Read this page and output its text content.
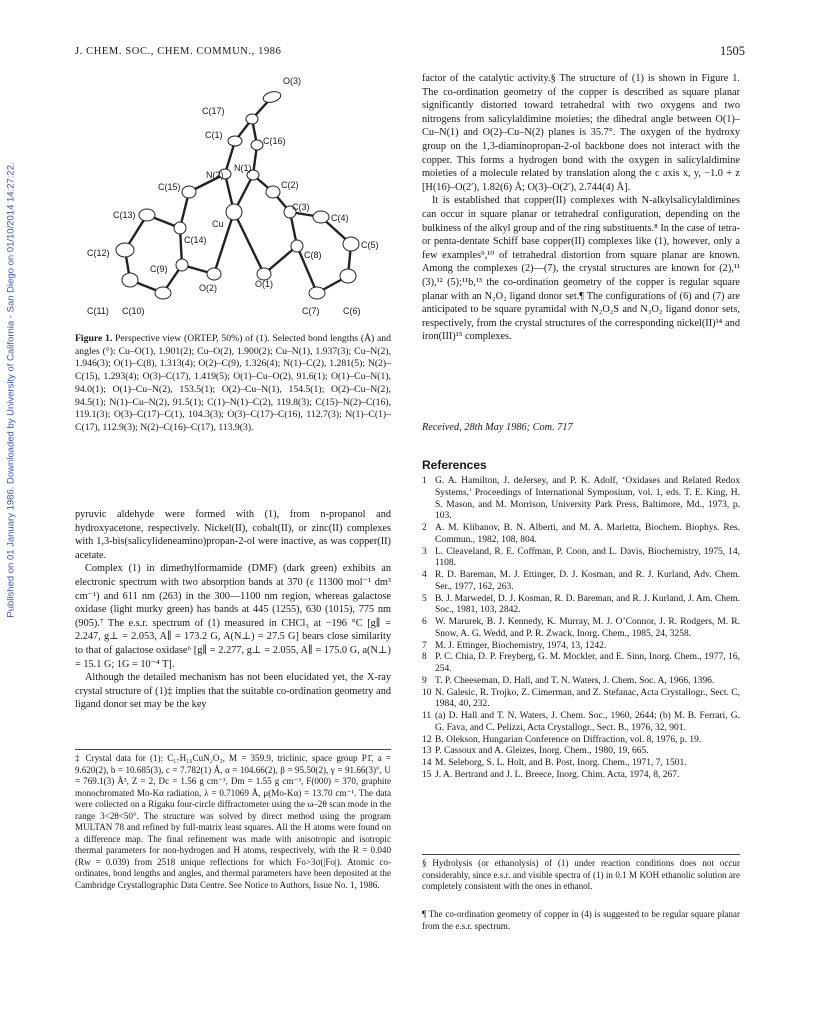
Published on 01 January 1986. Downloaded by University of California - San Diego on 01/10/2014 14:27:22.
J. CHEM. SOC., CHEM. COMMUN., 1986	1505
O(3)
C(17)
C(1)
C(16)
N(2)
N(1)
C(15)	C(2)
C(3)
C(4)
C(13)
Cu
C(14)
C(12)	C(8)
C(5)
C(9)
O(2)	O(1)
C(11) C(10)	C(7)	C(6)

Figure 1. Perspective view (ORTEP, 50%) of (1). Selected bond lengths (Å) and angles (°): Cu–O(1), 1.901(2); Cu–O(2), 1.900(2); Cu–N(1), 1.937(3); Cu–N(2), 1.946(3); O(1)–C(8), 1.313(4); O(2)–C(9), 1.326(4); N(1)–C(2), 1.281(5); N(2)–C(15), 1.293(4); O(3)–C(17), 1.419(5); O(1)–Cu–O(2), 91.6(1); O(1)–Cu–N(1), 94.0(1); O(1)–Cu–N(2), 153.5(1); O(2)–Cu–N(1), 154.5(1); O(2)–Cu–N(2), 94.5(1); N(1)–Cu–N(2), 91.5(1); C(1)–N(1)–C(2), 119.8(3); C(15)–N(2)–C(16), 119.1(3); O(3)–C(17)–C(1), 104.3(3); O(3)–C(17)–C(16), 112.7(3); N(1)–C(1)–C(17), 112.9(3); N(2)–C(16)–C(17), 113.9(3).

pyruvic aldehyde were formed with (1), from n-propanol and hydroxyacetone, respectively. Nickel(II), cobalt(II), or zinc(II) complexes with 1,3-bis(salicylideneamino)propan-2-ol were inactive, as was copper(II) acetate.

Complex (1) in dimethylformamide (DMF) (dark green) exhibits an electronic spectrum with two absorption bands at 370 (ε 11300 mol⁻¹ dm³ cm⁻¹) and 611 nm (263) in the 300—1100 nm region, whereas galactose oxidase (light murky green) has bands at 445 (1255), 630 (1015), 775 nm (905).⁷ The e.s.r. spectrum of (1) measured in CHCl₃ at −196 °C [g∥ = 2.247, g⊥ = 2.053, A∥ = 173.2 G, A(N⊥) = 27.5 G] bears close similarity to that of galactose oxidase⁶ [g∥ = 2.277, g⊥ = 2.055, A∥ = 175.0 G, a(N⊥) = 15.1 G; 1G = 10⁻⁴ T].

Although the detailed mechanism has not been elucidated yet, the X-ray crystal structure of (1)‡ implies that the suitable co-ordination geometry and ligand donor set may be the key

‡ Crystal data for (1): C₁₇H₁₆CuN₂O₃, M = 359.9, triclinic, space group P1̄, a = 9.620(2), b = 10.685(3), c = 7.782(1) Å, α = 104.66(2), β = 95.50(2), γ = 91.66(3)°, U = 769.1(3) Å³, Z = 2, Dc = 1.56 g cm⁻³, Dm = 1.55 g cm⁻³, F(000) = 370, graphite monochromated Mo-Kα radiation, λ = 0.71069 Å, μ(Mo-Kα) = 13.70 cm⁻¹. The data were collected on a Rigaku four-circle diffractometer using the ω–2θ scan mode in the range 3<2θ<50°. The structure was solved by direct method using the program MULTAN 78 and refined by full-matrix least squares. All the H atoms were found on a difference map. The final refinement was made with anisotropic and isotropic thermal parameters for non-hydrogen and H atoms, respectively, with the R = 0.040 (Rw = 0.039) from 2518 unique reflections for which Fo>3σ(|Fo|). Atomic co-ordinates, bond lengths and angles, and thermal parameters have been deposited at the Cambridge Crystallographic Data Centre. See Notice to Authors, Issue No. 1, 1986.

factor of the catalytic activity.§ The structure of (1) is shown in Figure 1. The co-ordination geometry of the copper is described as square planar significantly distorted toward tetrahedral with two oxygens and two nitrogens from salicylaldimine moieties; the dihedral angle between O(1)–Cu–N(1) and O(2)–Cu–N(2) planes is 35.7°. The oxygen of the hydroxy group on the 1,3-diaminopropan-2-ol backbone does not interact with the copper. This forms a hydrogen bond with the oxygen in salicylaldimine moieties of a molecule related by translation along the c axis x, y, −1.0 + z [H(16)–O(2′), 1.82(6) Å; O(3)–O(2′), 2.744(4) Å].

It is established that copper(II) complexes with N-alkylsalicylaldimines can occur in square planar or tetrahedral configuration, depending on the bulkiness of the alkyl group and of the ring substituents.⁸ In the case of tetra- or penta-dentate Schiff base copper(II) complexes like (1), however, only a few examples⁹,¹⁰ of tetrahedral distortion from square planar are known. Among the complexes (2)—(7), the crystal structures are known for (2),¹¹ (3),¹² (5);¹¹b,¹³ the co-ordination geometry of the copper is regular square planar with an N₂O₂ ligand donor set.¶ The configurations of (6) and (7) are anticipated to be square pyramidal with N₂O₂S and N₃O₂ ligand donor sets, respectively, from the crystal structures of the corresponding nickel(II)¹⁴ and iron(III)¹⁵ complexes.

Received, 28th May 1986; Com. 717
References
1 G. A. Hamilton, J. deJersey, and P. K. Adolf, ‘Oxidases and Related Redox Systems,’ Proceedings of International Symposium, vol. 1, eds. T. E. King, H. S. Mason, and M. Morrison, University Park Press, Baltimore, Md., 1973, p. 103.
2 A. M. Klibanov, B. N. Alberti, and M. A. Marletta, Biochem. Biophys. Res. Commun., 1982, 108, 804.
3 L. Cleaveland, R. E. Coffman, P. Coon, and L. Davis, Biochemistry, 1975, 14, 1108.
4 R. D. Bareman, M. J. Ettinger, D. J. Kosman, and R. J. Kurland, Adv. Chem. Ser., 1977, 162, 263.
5 B. J. Marwedel, D. J. Kosman, R. D. Bareman, and R. J. Kurland, J. Am. Chem. Soc., 1981, 103, 2842.
6 W. Marurek, B. J. Kennedy, K. Murray, M. J. O’Connor, J. R. Rodgers, M. R. Snow, A. G. Wedd, and P. R. Zwack, Inorg. Chem., 1985, 24, 3258.
7 M. J. Ettinger, Biochemistry, 1974, 13, 1242.
8 P. C. Chia, D. P. Freyberg, G. M. Mockler, and E. Sinn, Inorg. Chem., 1977, 16, 254.
9 T. P. Cheeseman, D. Hall, and T. N. Waters, J. Chem. Soc. A, 1966, 1396.
10 N. Galesic, R. Trojko, Z. Cimerman, and Z. Stefanac, Acta Crystallogr., Sect. C, 1984, 40, 232.
11 (a) D. Hall and T. N. Waters, J. Chem. Soc., 1960, 2644; (b) M. B. Ferrari, G. G. Fava, and C. Pelizzi, Acta Crystallogr., Sect. B., 1976, 32, 901.
12 B. Olekson, Hungarian Conference on Diffraction, vol. 8, 1976, p. 19.
13 P. Cassoux and A. Gleizes, Inorg. Chem., 1980, 19, 665.
14 M. Seleborg, S. L. Holt, and B. Post, Inorg. Chem., 1971, 7, 1501.
15 J. A. Bertrand and J. L. Breece, Inorg. Chim. Acta, 1974, 8, 267.

§ Hydrolysis (or ethanolysis) of (1) under reaction conditions does not occur considerably, since e.s.r. and visible spectra of (1) in 0.1 M KOH ethanolic solution are completely consistent with the ones in ethanol.

¶ The co-ordination geometry of copper in (4) is suggested to be regular square planar from the e.s.r. spectrum.
